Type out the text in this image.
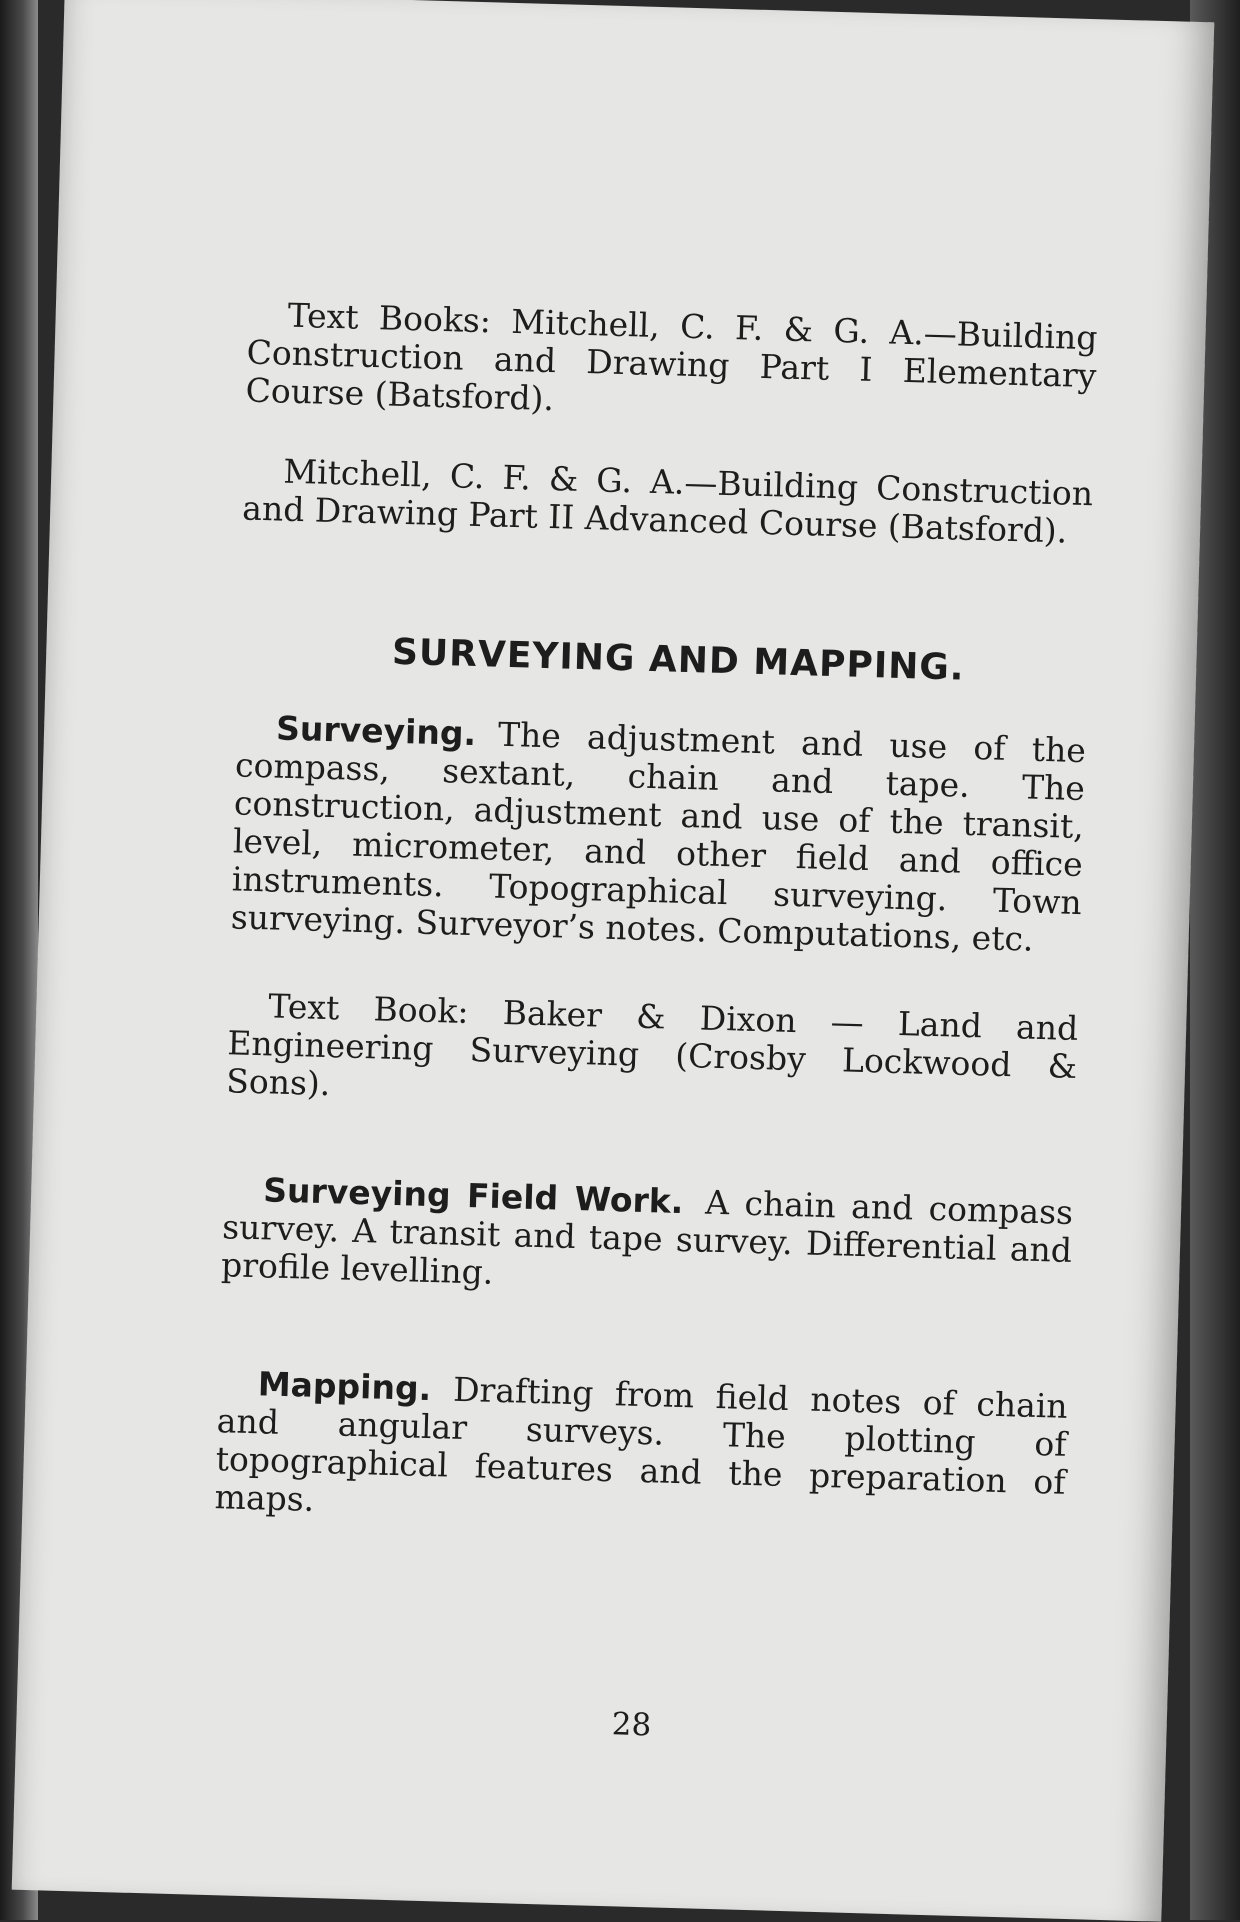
Text Books: Mitchell, C. F. & G. A.—Building Construction and Drawing Part I Elementary Course (Batsford).

Mitchell, C. F. & G. A.—Building Construction and Drawing Part II Advanced Course (Batsford).

SURVEYING AND MAPPING.

Surveying. The adjustment and use of the compass, sextant, chain and tape. The construction, adjustment and use of the transit, level, micrometer, and other field and office instruments. Topographical surveying. Town surveying. Surveyor’s notes. Computations, etc.

Text Book: Baker & Dixon — Land and Engineering Surveying (Crosby Lockwood & Sons).

Surveying Field Work. A chain and compass survey. A transit and tape survey. Differential and profile levelling.

Mapping. Drafting from field notes of chain and angular surveys. The plotting of topographical features and the preparation of maps.

28
